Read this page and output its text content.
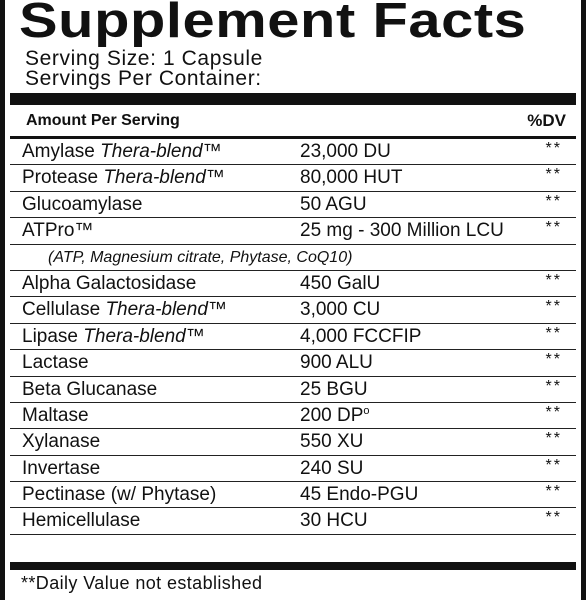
Supplement Facts
Serving Size: 1 Capsule
Servings Per Container:
Amount Per Serving	%DV
Amylase Thera-blend™	23,000 DU	**
Protease Thera-blend™	80,000 HUT	**
Glucoamylase	50 AGU	**
ATPro™	25 mg - 300 Million LCU	**
(ATP, Magnesium citrate, Phytase, CoQ10)
Alpha Galactosidase	450 GalU	**
Cellulase Thera-blend™	3,000 CU	**
Lipase Thera-blend™	4,000 FCCFIP	**
Lactase	900 ALU	**
Beta Glucanase	25 BGU	**
Maltase	200 $DP^o$	**
Xylanase	550 XU	**
Invertase	240 SU	**
Pectinase (w/ Phytase)	45 Endo-PGU	**
Hemicellulase	30 HCU	**
**Daily Value not established
